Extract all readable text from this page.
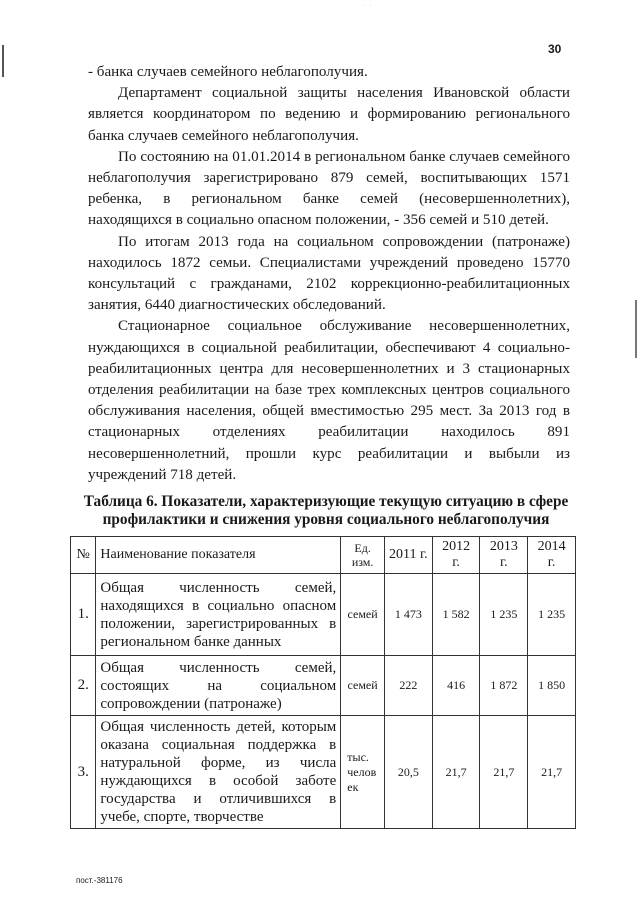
· ·
30

- банка случаев семейного неблагополучия.

Департамент социальной защиты населения Ивановской области является координатором по ведению и формированию регионального банка случаев семейного неблагополучия.

По состоянию на 01.01.2014 в региональном банке случаев семейного неблагополучия зарегистрировано 879 семей, воспитывающих 1571 ребенка, в региональном банке семей (несовершеннолетних), находящихся в социально опасном положении, - 356 семей и 510 детей.

По итогам 2013 года на социальном сопровождении (патронаже) находилось 1872 семьи. Специалистами учреждений проведено 15770 консультаций с гражданами, 2102 коррекционно-реабилитационных занятия, 6440 диагностических обследований.

Стационарное социальное обслуживание несовершеннолетних, нуждающихся в социальной реабилитации, обеспечивают 4 социально-реабилитационных центра для несовершеннолетних и 3 стационарных отделения реабилитации на базе трех комплексных центров социального обслуживания населения, общей вместимостью 295 мест. За 2013 год в стационарных отделениях реабилитации находилось 891 несовершеннолетний, прошли курс реабилитации и выбыли из учреждений 718 детей.

Таблица 6. Показатели, характеризующие текущую ситуацию в сфере профилактики и снижения уровня социального неблагополучия
№	Наименование показателя	Ед. изм.	2011 г.	2012 г.	2013 г.	2014 г.
1.	Общая численность семей, находящихся в социально опасном положении, зарегистрированных в региональном банке данных	семей	1 473	1 582	1 235	1 235
2.	Общая численность семей, состоящих на социальном сопровождении (патронаже)	семей	222	416	1 872	1 850
3.	Общая численность детей, которым оказана социальная поддержка в натуральной форме, из числа нуждающихся в особой заботе государства и отличившихся в учебе, спорте, творчестве	тыс. челов ек	20,5	21,7	21,7	21,7
пост.-381176
